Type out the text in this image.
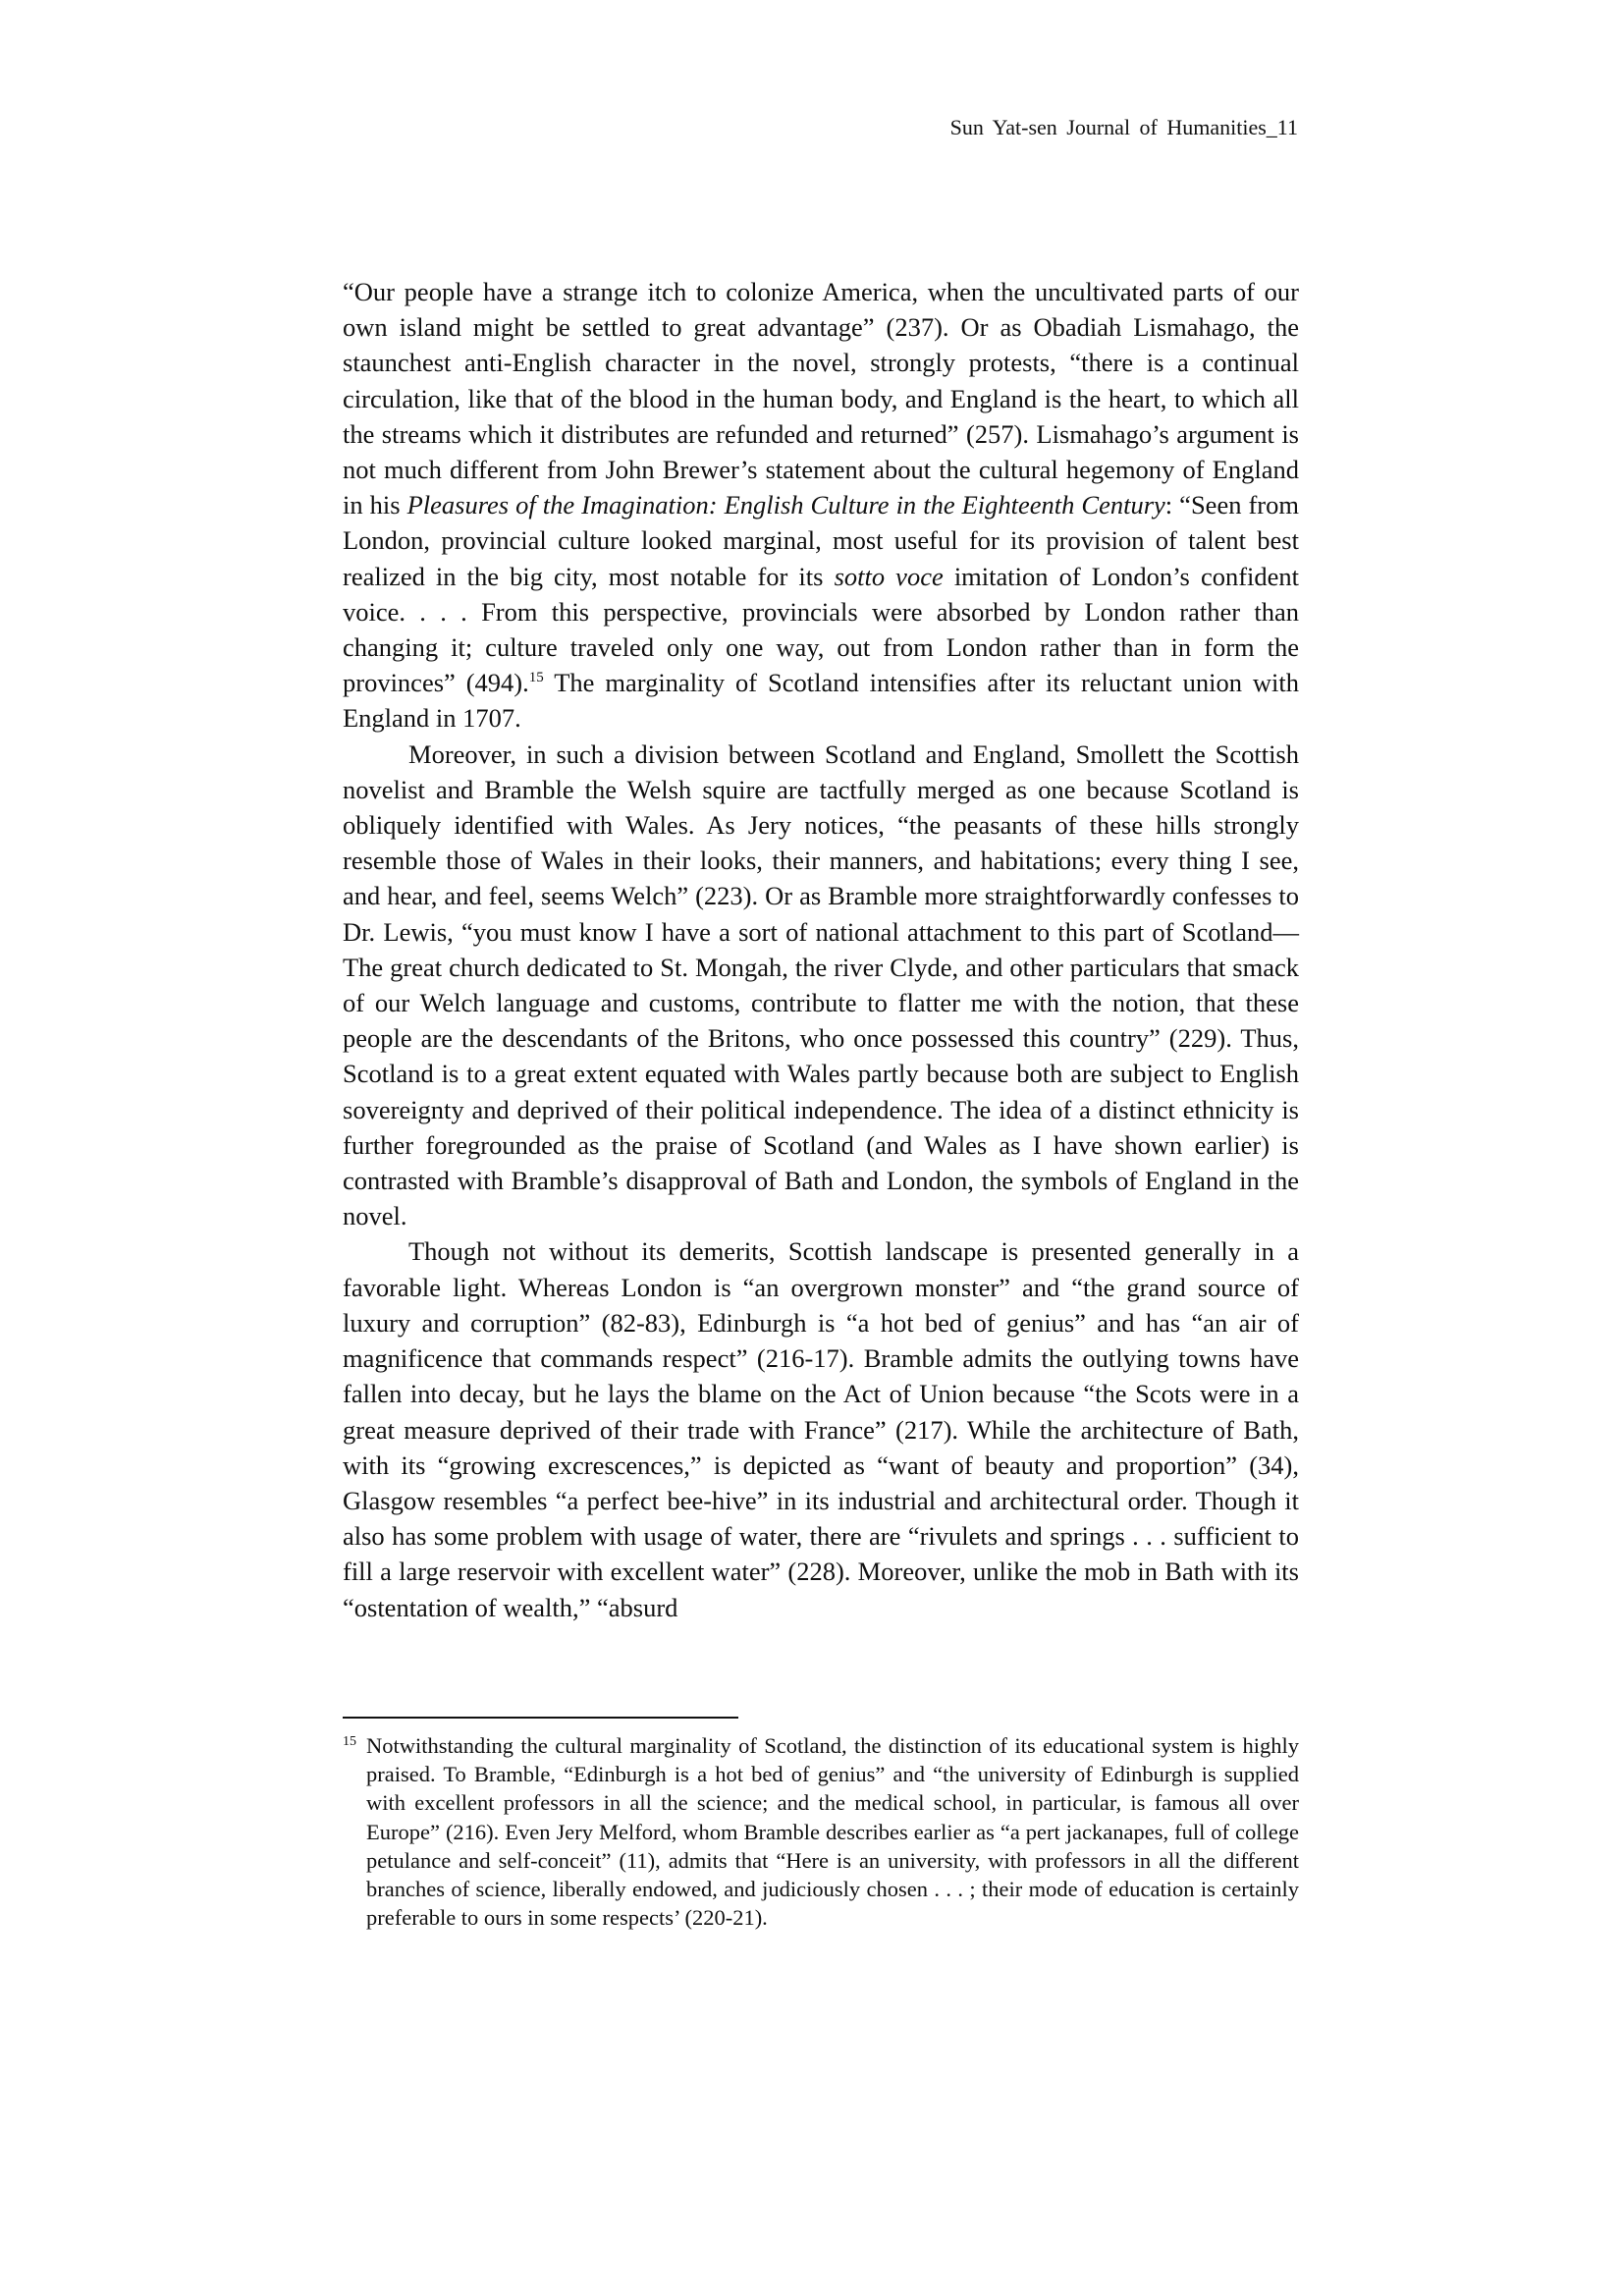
Sun Yat-sen Journal of Humanities_11

“Our people have a strange itch to colonize America, when the uncultivated parts of our own island might be settled to great advantage” (237). Or as Obadiah Lismahago, the staunchest anti-English character in the novel, strongly protests, “there is a continual circulation, like that of the blood in the human body, and England is the heart, to which all the streams which it distributes are refunded and returned” (257). Lismahago’s argument is not much different from John Brewer’s statement about the cultural hegemony of England in his Pleasures of the Imagination: English Culture in the Eighteenth Century: “Seen from London, provincial culture looked marginal, most useful for its provision of talent best realized in the big city, most notable for its sotto voce imitation of London’s confident voice. . . . From this perspective, provincials were absorbed by London rather than changing it; culture traveled only one way, out from London rather than in form the provinces” (494).$^{15}$ The marginality of Scotland intensifies after its reluctant union with England in 1707.

Moreover, in such a division between Scotland and England, Smollett the Scottish novelist and Bramble the Welsh squire are tactfully merged as one because Scotland is obliquely identified with Wales. As Jery notices, “the peasants of these hills strongly resemble those of Wales in their looks, their manners, and habitations; every thing I see, and hear, and feel, seems Welch” (223). Or as Bramble more straightforwardly confesses to Dr. Lewis, “you must know I have a sort of national attachment to this part of Scotland—The great church dedicated to St. Mongah, the river Clyde, and other particulars that smack of our Welch language and customs, contribute to flatter me with the notion, that these people are the descendants of the Britons, who once possessed this country” (229). Thus, Scotland is to a great extent equated with Wales partly because both are subject to English sovereignty and deprived of their political independence. The idea of a distinct ethnicity is further foregrounded as the praise of Scotland (and Wales as I have shown earlier) is contrasted with Bramble’s disapproval of Bath and London, the symbols of England in the novel.

Though not without its demerits, Scottish landscape is presented generally in a favorable light. Whereas London is “an overgrown monster” and “the grand source of luxury and corruption” (82-83), Edinburgh is “a hot bed of genius” and has “an air of magnificence that commands respect” (216-17). Bramble admits the outlying towns have fallen into decay, but he lays the blame on the Act of Union because “the Scots were in a great measure deprived of their trade with France” (217). While the architecture of Bath, with its “growing excrescences,” is depicted as “want of beauty and proportion” (34), Glasgow resembles “a perfect bee-hive” in its industrial and architectural order. Though it also has some problem with usage of water, there are “rivulets and springs . . . sufficient to fill a large reservoir with excellent water” (228). Moreover, unlike the mob in Bath with its “ostentation of wealth,” “absurd

15 Notwithstanding the cultural marginality of Scotland, the distinction of its educational system is highly praised. To Bramble, “Edinburgh is a hot bed of genius” and “the university of Edinburgh is supplied with excellent professors in all the science; and the medical school, in particular, is famous all over Europe” (216). Even Jery Melford, whom Bramble describes earlier as “a pert jackanapes, full of college petulance and self-conceit” (11), admits that “Here is an university, with professors in all the different branches of science, liberally endowed, and judiciously chosen . . . ; their mode of education is certainly preferable to ours in some respects’ (220-21).
